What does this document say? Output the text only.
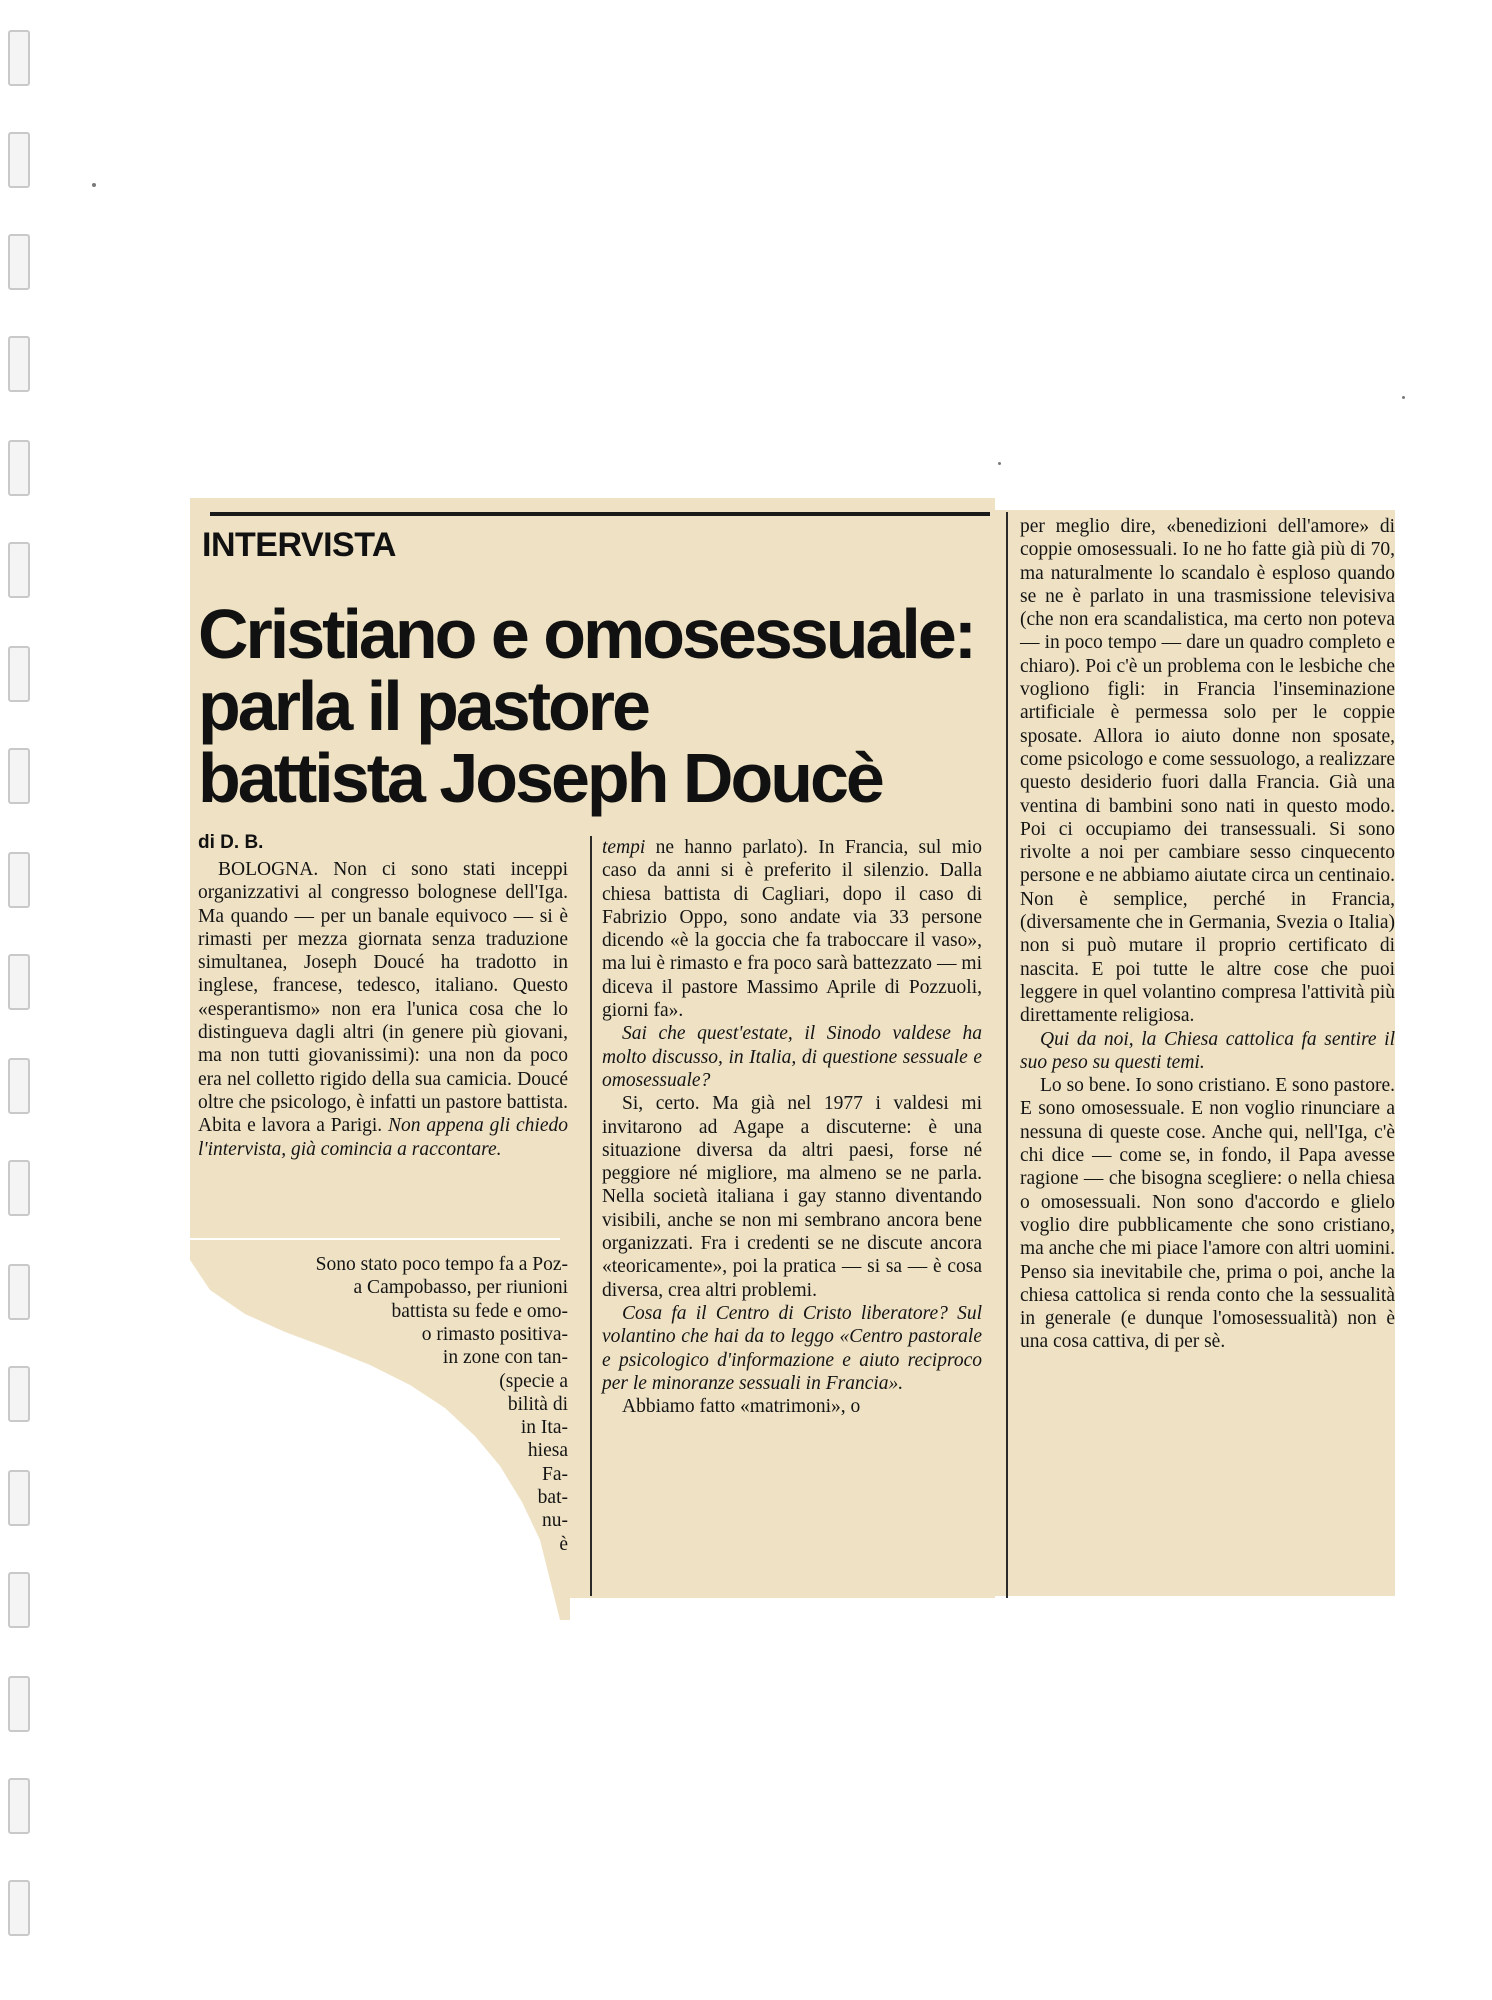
INTERVISTA
Cristiano e omosessuale:
parla il pastore
battista Joseph Doucè
di D. B.

BOLOGNA. Non ci sono stati inceppi organizzativi al congresso bolognese dell'Iga. Ma quando — per un banale equivoco — si è rimasti per mezza giornata senza traduzione simultanea, Joseph Doucé ha tradotto in inglese, francese, tedesco, italiano. Questo «esperantismo» non era l'unica cosa che lo distingueva dagli altri (in genere più giovani, ma non tutti giovanissimi): una non da poco era nel colletto rigido della sua camicia. Doucé oltre che psicologo, è infatti un pastore battista. Abita e lavora a Parigi. Non appena gli chiedo l'intervista, già comincia a raccontare.

Sono stato poco tempo fa a Poz-
a Campobasso, per riunioni
battista su fede e omo-
o rimasto positiva-
in zone con tan-
(specie a
bilità di
in Ita-
hiesa
Fa-
bat-
nu-
è

tempi ne hanno parlato). In Francia, sul mio caso da anni si è preferito il silenzio. Dalla chiesa battista di Cagliari, dopo il caso di Fabrizio Oppo, sono andate via 33 persone dicendo «è la goccia che fa traboccare il vaso», ma lui è rimasto e fra poco sarà battezzato — mi diceva il pastore Massimo Aprile di Pozzuoli, giorni fa».

Sai che quest'estate, il Sinodo valdese ha molto discusso, in Italia, di questione sessuale e omosessuale?

Si, certo. Ma già nel 1977 i valdesi mi invitarono ad Agape a discuterne: è una situazione diversa da altri paesi, forse né peggiore né migliore, ma almeno se ne parla. Nella società italiana i gay stanno diventando visibili, anche se non mi sembrano ancora bene organizzati. Fra i credenti se ne discute ancora «teoricamente», poi la pratica — si sa — è cosa diversa, crea altri problemi.

Cosa fa il Centro di Cristo liberatore? Sul volantino che hai da to leggo «Centro pastorale e psicologico d'informazione e aiuto reciproco per le minoranze sessuali in Francia».

Abbiamo fatto «matrimoni», o

per meglio dire, «benedizioni dell'amore» di coppie omosessuali. Io ne ho fatte già più di 70, ma naturalmente lo scandalo è esploso quando se ne è parlato in una trasmissione televisiva (che non era scandalistica, ma certo non poteva — in poco tempo — dare un quadro completo e chiaro). Poi c'è un problema con le lesbiche che vogliono figli: in Francia l'inseminazione artificiale è permessa solo per le coppie sposate. Allora io aiuto donne non sposate, come psicologo e come sessuologo, a realizzare questo desiderio fuori dalla Francia. Già una ventina di bambini sono nati in questo modo. Poi ci occupiamo dei transessuali. Si sono rivolte a noi per cambiare sesso cinquecento persone e ne abbiamo aiutate circa un centinaio. Non è semplice, perché in Francia, (diversamente che in Germania, Svezia o Italia) non si può mutare il proprio certificato di nascita. E poi tutte le altre cose che puoi leggere in quel volantino compresa l'attività più direttamente religiosa.

Qui da noi, la Chiesa cattolica fa sentire il suo peso su questi temi.

Lo so bene. Io sono cristiano. E sono pastore. E sono omosessuale. E non voglio rinunciare a nessuna di queste cose. Anche qui, nell'Iga, c'è chi dice — come se, in fondo, il Papa avesse ragione — che bisogna scegliere: o nella chiesa o omosessuali. Non sono d'accordo e glielo voglio dire pubblicamente che sono cristiano, ma anche che mi piace l'amore con altri uomini. Penso sia inevitabile che, prima o poi, anche la chiesa cattolica si renda conto che la sessualità in generale (e dunque l'omosessualità) non è una cosa cattiva, di per sè.
